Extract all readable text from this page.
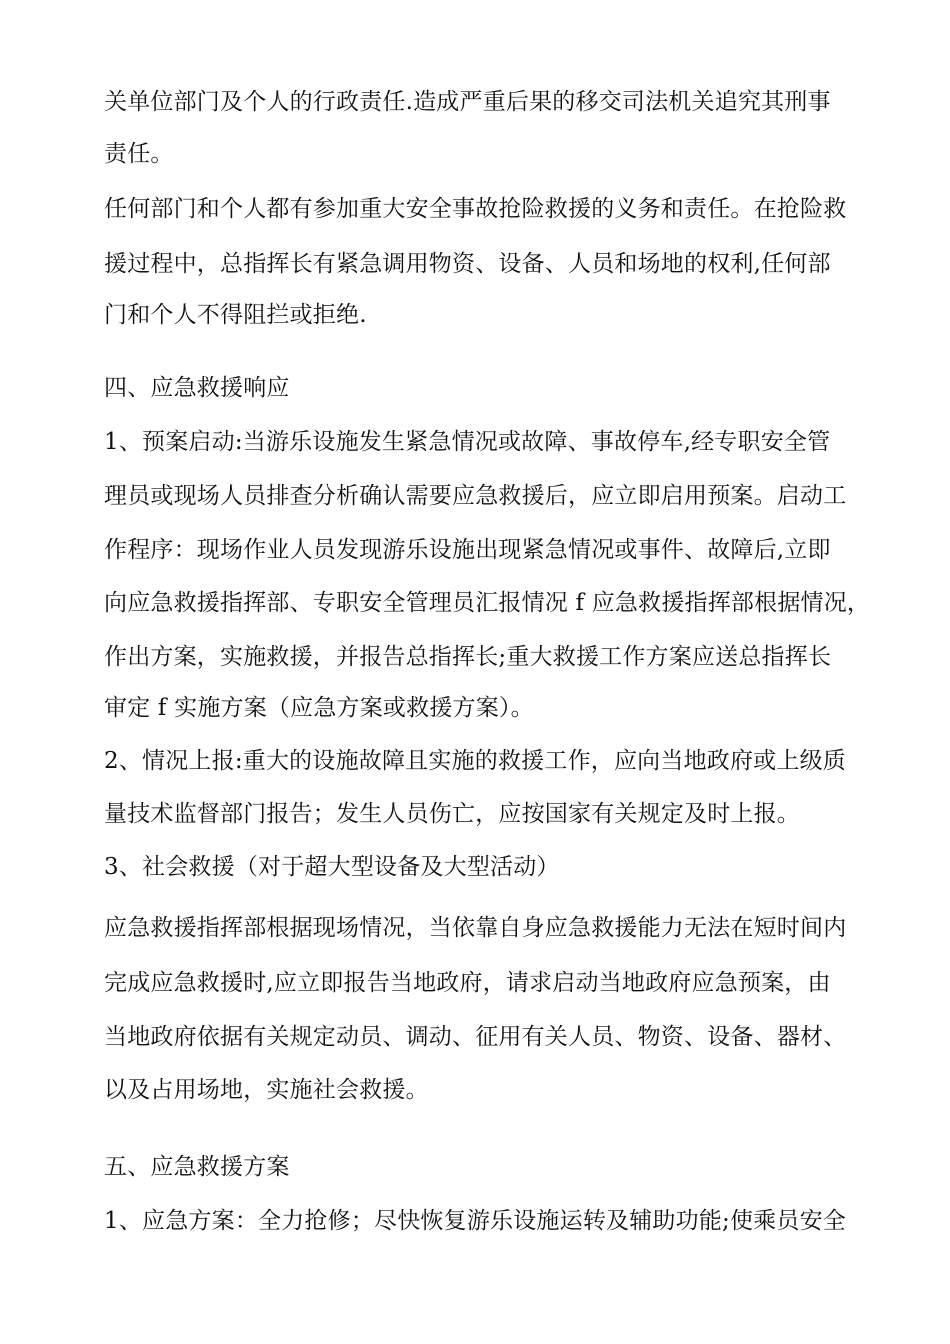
关单位部门及个人的行政责任.造成严重后果的移交司法机关追究其刑事
责任。
任何部门和个人都有参加重大安全事故抢险救援的义务和责任。在抢险救
援过程中，总指挥长有紧急调用物资、设备、人员和场地的权利,任何部
门和个人不得阻拦或拒绝.
四、应急救援响应
1、预案启动:当游乐设施发生紧急情况或故障、事故停车,经专职安全管
理员或现场人员排查分析确认需要应急救援后，应立即启用预案。启动工
作程序：现场作业人员发现游乐设施出现紧急情况或事件、故障后,立即
向应急救援指挥部、专职安全管理员汇报情况 f 应急救援指挥部根据情况，
作出方案，实施救援，并报告总指挥长;重大救援工作方案应送总指挥长
审定 f 实施方案（应急方案或救援方案）。
2、情况上报:重大的设施故障且实施的救援工作，应向当地政府或上级质
量技术监督部门报告；发生人员伤亡，应按国家有关规定及时上报。
3、社会救援（对于超大型设备及大型活动）
应急救援指挥部根据现场情况，当依靠自身应急救援能力无法在短时间内
完成应急救援时,应立即报告当地政府，请求启动当地政府应急预案，由
当地政府依据有关规定动员、调动、征用有关人员、物资、设备、器材、
以及占用场地，实施社会救援。
五、应急救援方案
1、应急方案：全力抢修；尽快恢复游乐设施运转及辅助功能;使乘员安全
